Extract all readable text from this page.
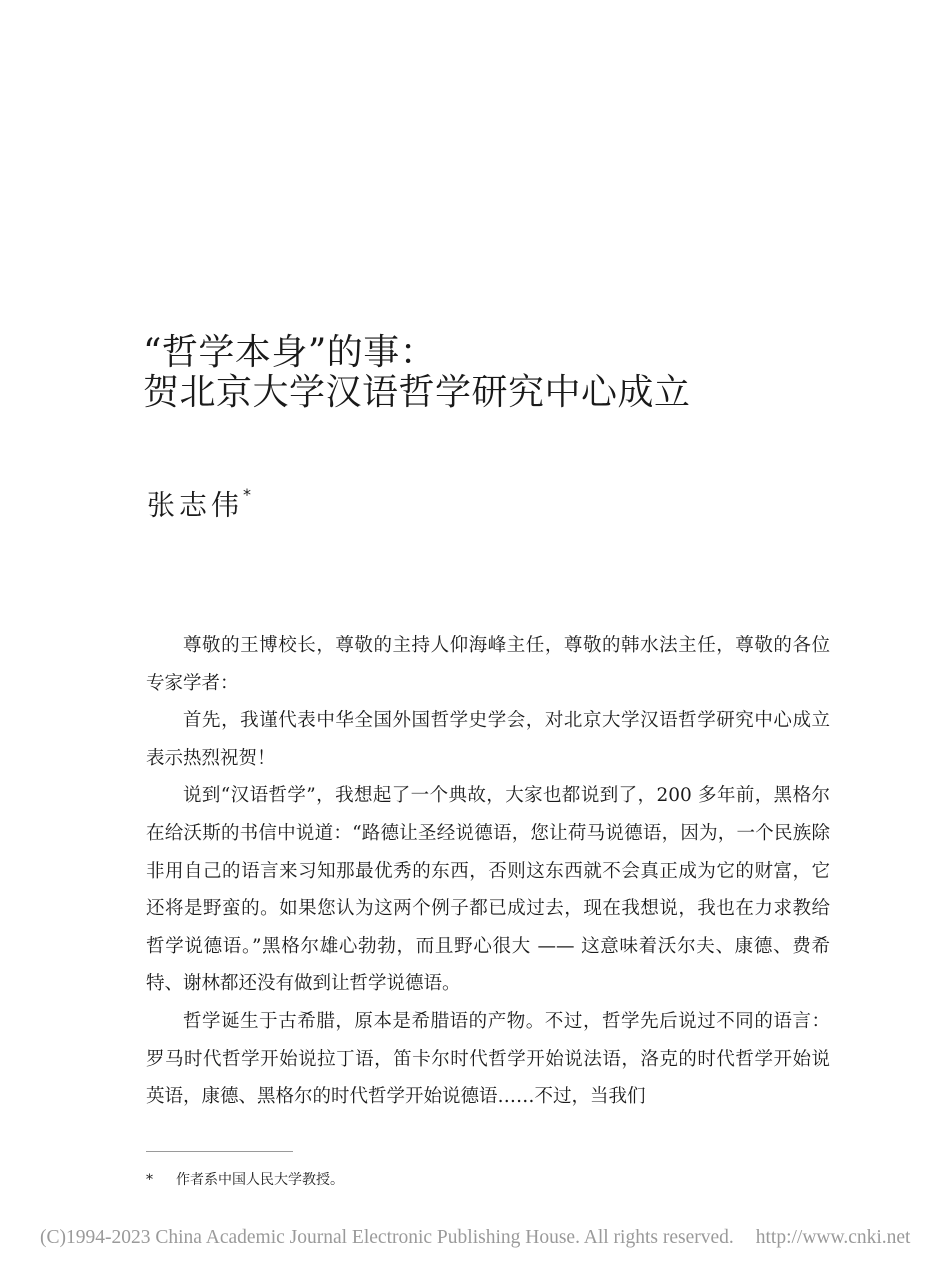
“哲学本身”的事：
贺北京大学汉语哲学研究中心成立
张志伟*

尊敬的王博校长，尊敬的主持人仰海峰主任，尊敬的韩水法主任，尊敬的各位专家学者：

首先，我谨代表中华全国外国哲学史学会，对北京大学汉语哲学研究中心成立表示热烈祝贺！

说到“汉语哲学”，我想起了一个典故，大家也都说到了，200 多年前，黑格尔在给沃斯的书信中说道：“路德让圣经说德语，您让荷马说德语，因为，一个民族除非用自己的语言来习知那最优秀的东西，否则这东西就不会真正成为它的财富，它还将是野蛮的。如果您认为这两个例子都已成过去，现在我想说，我也在力求教给哲学说德语。”黑格尔雄心勃勃，而且野心很大 —— 这意味着沃尔夫、康德、费希特、谢林都还没有做到让哲学说德语。

哲学诞生于古希腊，原本是希腊语的产物。不过，哲学先后说过不同的语言：罗马时代哲学开始说拉丁语，笛卡尔时代哲学开始说法语，洛克的时代哲学开始说英语，康德、黑格尔的时代哲学开始说德语……不过，当我们

* 作者系中国人民大学教授。
(C)1994-2023 China Academic Journal Electronic Publishing House. All rights reserved. http://www.cnki.net
